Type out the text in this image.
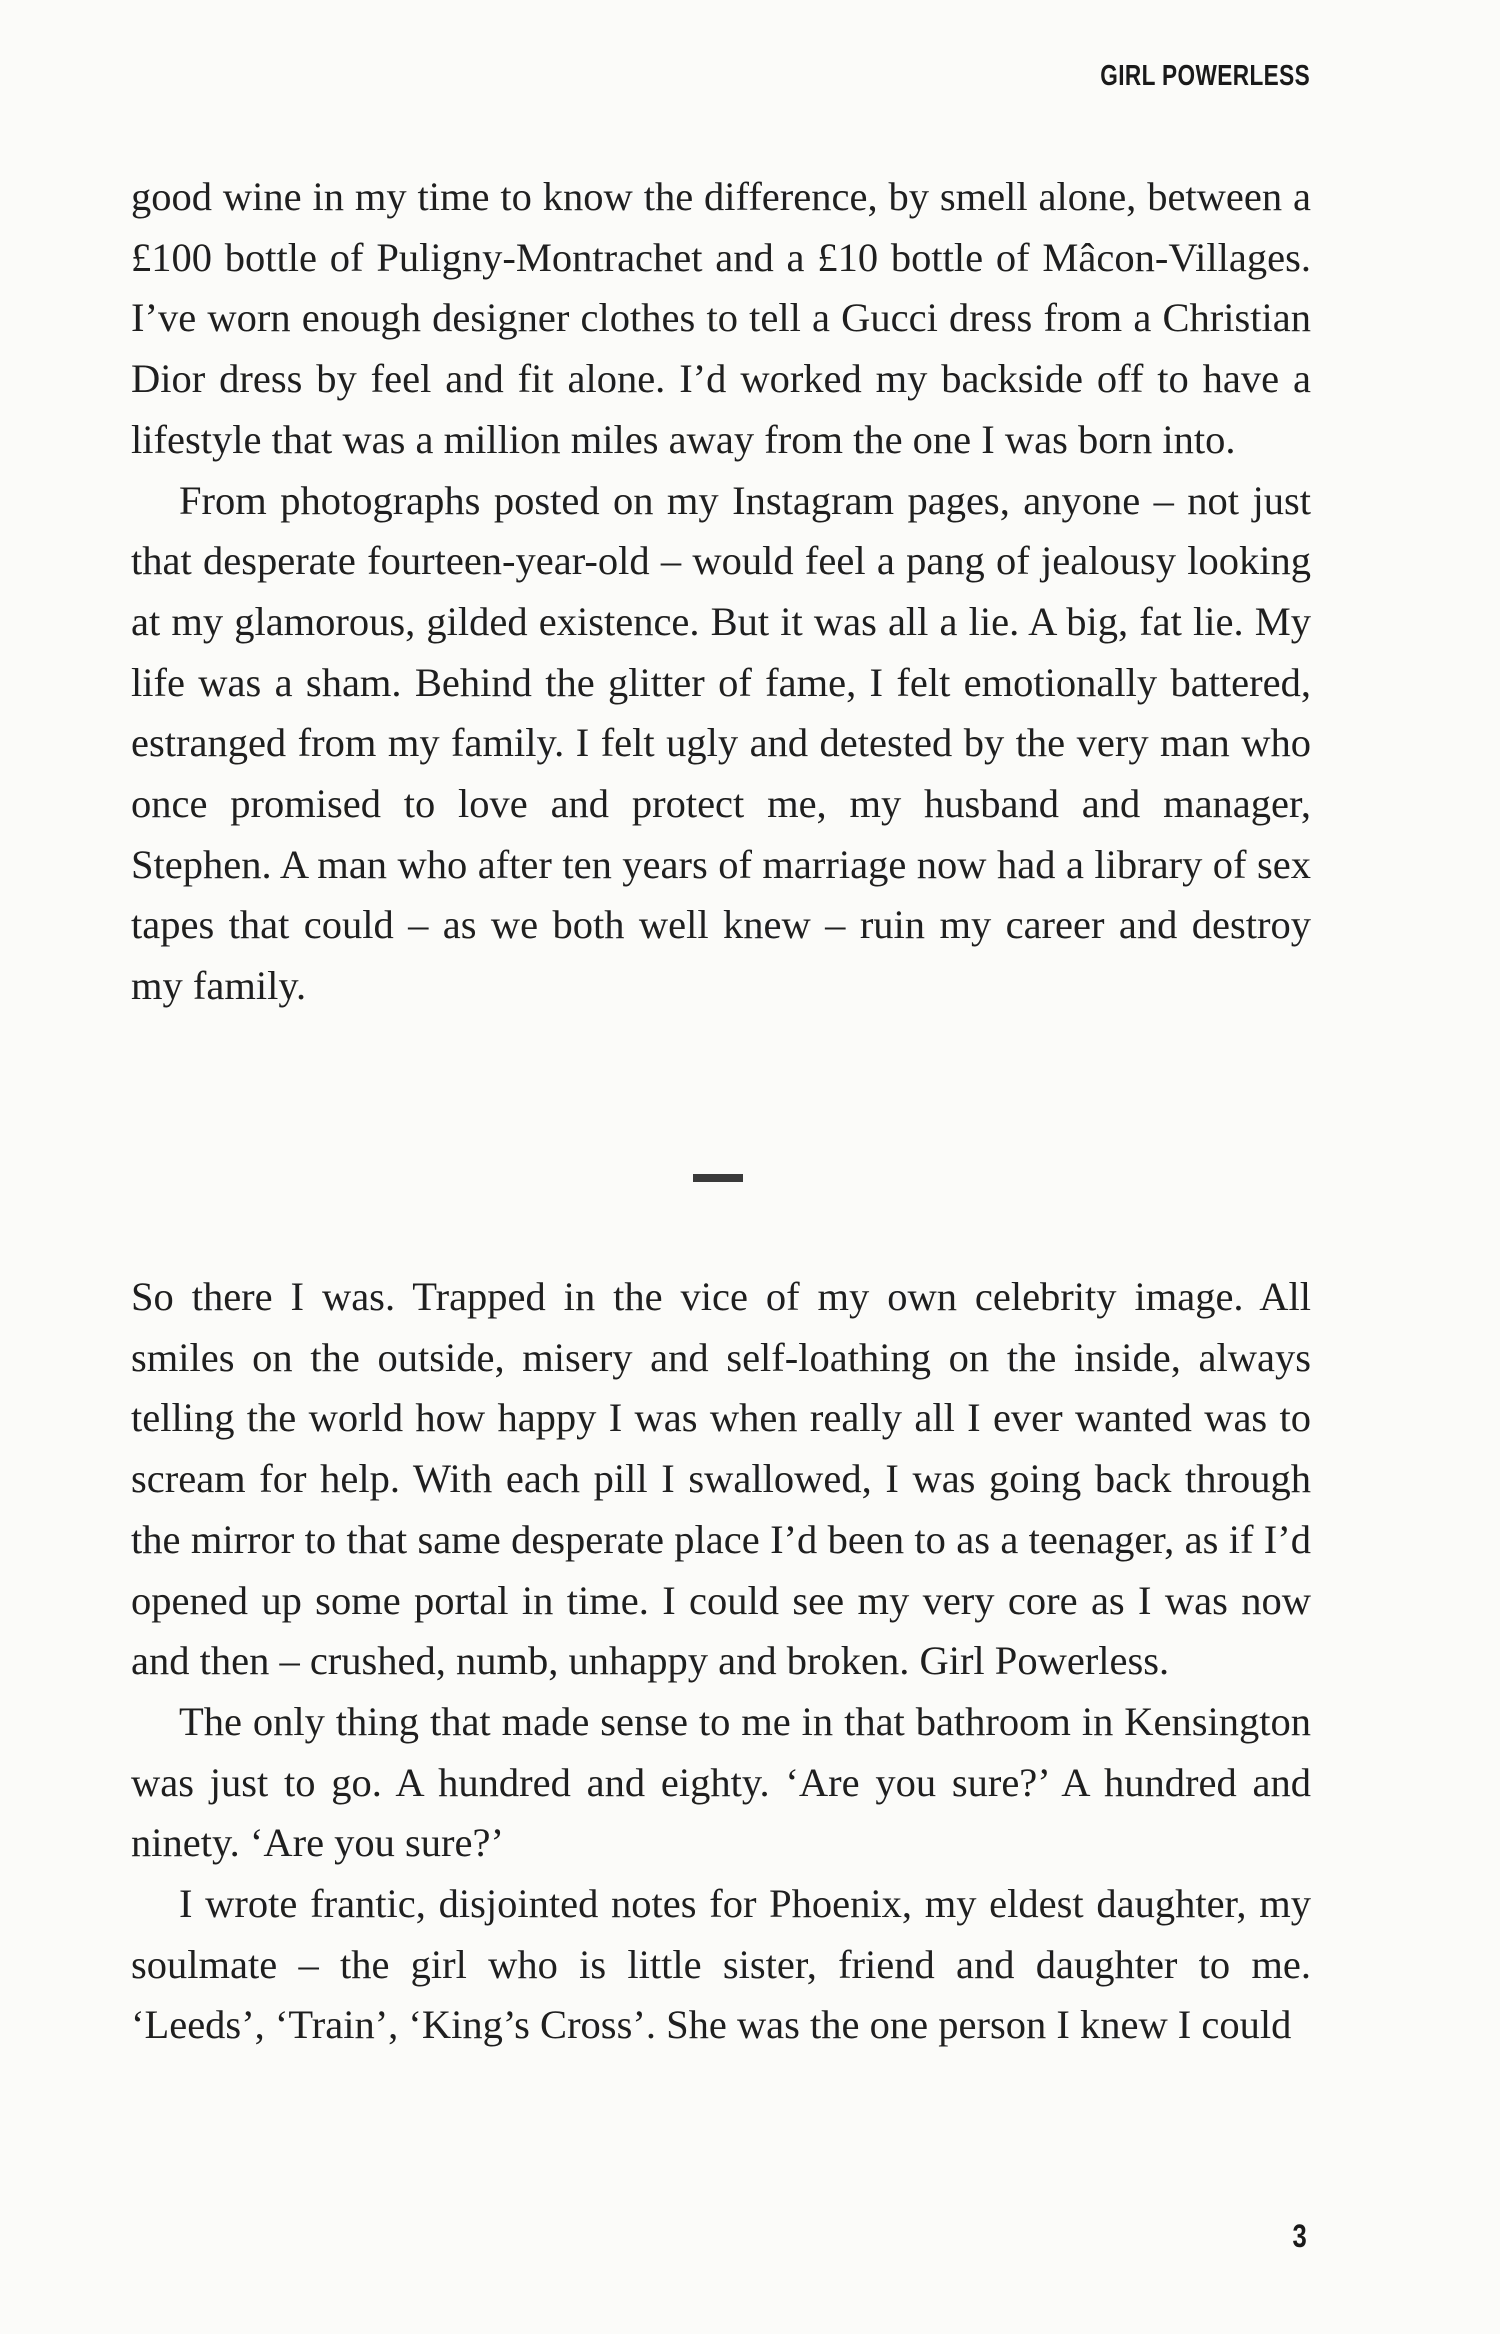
GIRL POWERLESS

good wine in my time to know the difference, by smell alone, between a £100 bottle of Puligny-Montrachet and a £10 bottle of Mâcon-Villages. I’ve worn enough designer clothes to tell a Gucci dress from a Christian Dior dress by feel and fit alone. I’d worked my backside off to have a lifestyle that was a million miles away from the one I was born into.

From photographs posted on my Instagram pages, anyone – not just that desperate fourteen-year-old – would feel a pang of jealousy looking at my glamorous, gilded existence. But it was all a lie. A big, fat lie. My life was a sham. Behind the glitter of fame, I felt emotionally battered, estranged from my family. I felt ugly and detested by the very man who once promised to love and protect me, my husband and manager, Stephen. A man who after ten years of marriage now had a library of sex tapes that could – as we both well knew – ruin my career and destroy my family.

So there I was. Trapped in the vice of my own celebrity image. All smiles on the outside, misery and self-loathing on the inside, always telling the world how happy I was when really all I ever wanted was to scream for help. With each pill I swallowed, I was going back through the mirror to that same desperate place I’d been to as a teenager, as if I’d opened up some portal in time. I could see my very core as I was now and then – crushed, numb, unhappy and broken. Girl Powerless.

The only thing that made sense to me in that bathroom in Kensington was just to go. A hundred and eighty. ‘Are you sure?’ A hundred and ninety. ‘Are you sure?’

I wrote frantic, disjointed notes for Phoenix, my eldest daughter, my soulmate – the girl who is little sister, friend and daughter to me. ‘Leeds’, ‘Train’, ‘King’s Cross’. She was the one person I knew I could

3
